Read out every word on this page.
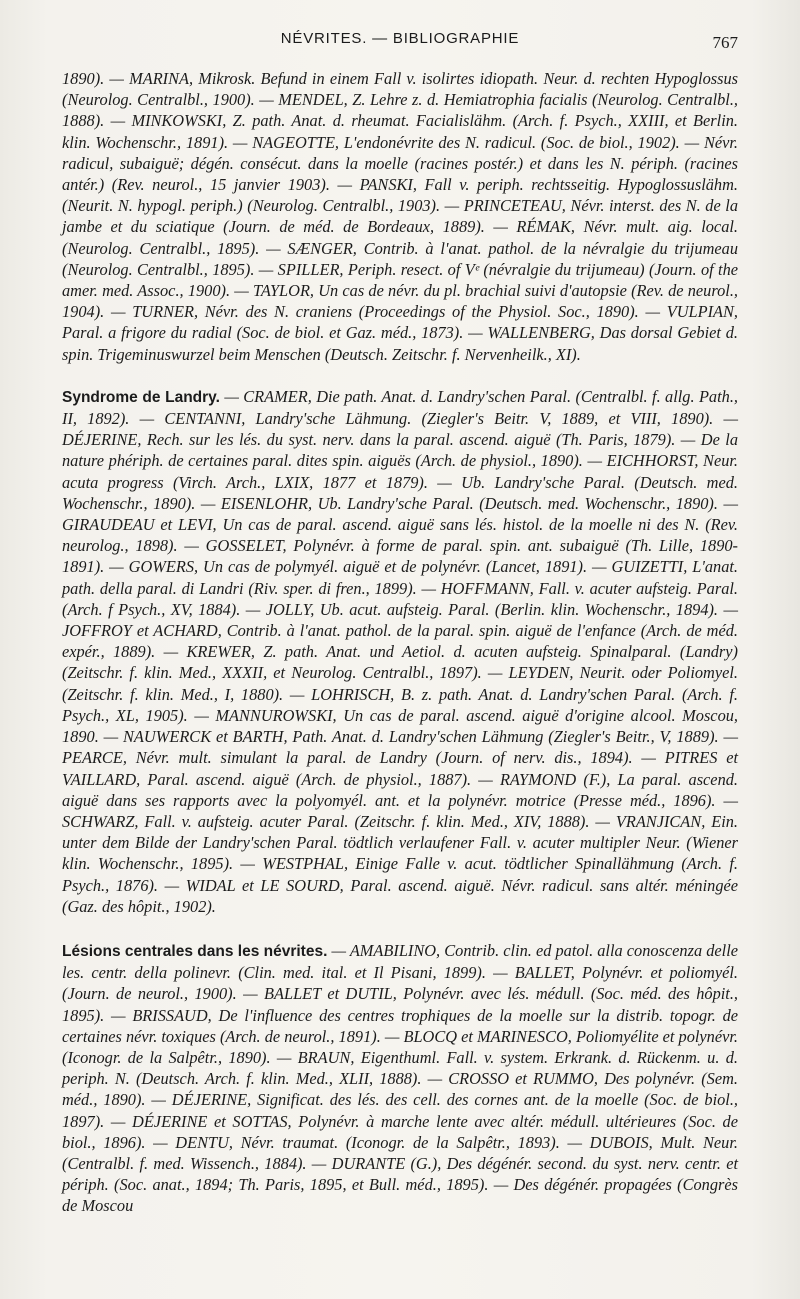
NÉVRITES. — BIBLIOGRAPHIE	767

1890). — MARINA, Mikrosk. Befund in einem Fall v. isolirtes idiopath. Neur. d. rechten Hypoglossus (Neurolog. Centralbl., 1900). — MENDEL, Z. Lehre z. d. Hemiatrophia facialis (Neurolog. Centralbl., 1888). — MINKOWSKI, Z. path. Anat. d. rheumat. Facialislähm. (Arch. f. Psych., XXIII, et Berlin. klin. Wochenschr., 1891). — NAGEOTTE, L'endonévrite des N. radicul. (Soc. de biol., 1902). — Névr. radicul, subaiguë; dégén. consécut. dans la moelle (racines postér.) et dans les N. périph. (racines antér.) (Rev. neurol., 15 janvier 1903). — PANSKI, Fall v. periph. rechtsseitig. Hypoglossuslähm. (Neurit. N. hypogl. periph.) (Neurolog. Centralbl., 1903). — PRINCETEAU, Névr. interst. des N. de la jambe et du sciatique (Journ. de méd. de Bordeaux, 1889). — RÉMAK, Névr. mult. aig. local. (Neurolog. Centralbl., 1895). — SÆNGER, Contrib. à l'anat. pathol. de la névralgie du trijumeau (Neurolog. Centralbl., 1895). — SPILLER, Periph. resect. of Vᵉ (névralgie du trijumeau) (Journ. of the amer. med. Assoc., 1900). — TAYLOR, Un cas de névr. du pl. brachial suivi d'autopsie (Rev. de neurol., 1904). — TURNER, Névr. des N. craniens (Proceedings of the Physiol. Soc., 1890). — VULPIAN, Paral. a frigore du radial (Soc. de biol. et Gaz. méd., 1873). — WALLENBERG, Das dorsal Gebiet d. spin. Trigeminuswurzel beim Menschen (Deutsch. Zeitschr. f. Nervenheilk., XI).

Syndrome de Landry. — CRAMER, Die path. Anat. d. Landry'schen Paral. (Centralbl. f. allg. Path., II, 1892). — CENTANNI, Landry'sche Lähmung. (Ziegler's Beitr. V, 1889, et VIII, 1890). — DÉJERINE, Rech. sur les lés. du syst. nerv. dans la paral. ascend. aiguë (Th. Paris, 1879). — De la nature phériph. de certaines paral. dites spin. aiguës (Arch. de physiol., 1890). — EICHHORST, Neur. acuta progress (Virch. Arch., LXIX, 1877 et 1879). — Ub. Landry'sche Paral. (Deutsch. med. Wochenschr., 1890). — EISENLOHR, Ub. Landry'sche Paral. (Deutsch. med. Wochenschr., 1890). — GIRAUDEAU et LEVI, Un cas de paral. ascend. aiguë sans lés. histol. de la moelle ni des N. (Rev. neurolog., 1898). — GOSSELET, Polynévr. à forme de paral. spin. ant. subaiguë (Th. Lille, 1890-1891). — GOWERS, Un cas de polymyél. aiguë et de polynévr. (Lancet, 1891). — GUIZETTI, L'anat. path. della paral. di Landri (Riv. sper. di fren., 1899). — HOFFMANN, Fall. v. acuter aufsteig. Paral. (Arch. f Psych., XV, 1884). — JOLLY, Ub. acut. aufsteig. Paral. (Berlin. klin. Wochenschr., 1894). — JOFFROY et ACHARD, Contrib. à l'anat. pathol. de la paral. spin. aiguë de l'enfance (Arch. de méd. expér., 1889). — KREWER, Z. path. Anat. und Aetiol. d. acuten aufsteig. Spinalparal. (Landry) (Zeitschr. f. klin. Med., XXXII, et Neurolog. Centralbl., 1897). — LEYDEN, Neurit. oder Poliomyel. (Zeitschr. f. klin. Med., I, 1880). — LOHRISCH, B. z. path. Anat. d. Landry'schen Paral. (Arch. f. Psych., XL, 1905). — MANNUROWSKI, Un cas de paral. ascend. aiguë d'origine alcool. Moscou, 1890. — NAUWERCK et BARTH, Path. Anat. d. Landry'schen Lähmung (Ziegler's Beitr., V, 1889). — PEARCE, Névr. mult. simulant la paral. de Landry (Journ. of nerv. dis., 1894). — PITRES et VAILLARD, Paral. ascend. aiguë (Arch. de physiol., 1887). — RAYMOND (F.), La paral. ascend. aiguë dans ses rapports avec la polyomyél. ant. et la polynévr. motrice (Presse méd., 1896). — SCHWARZ, Fall. v. aufsteig. acuter Paral. (Zeitschr. f. klin. Med., XIV, 1888). — VRANJICAN, Ein. unter dem Bilde der Landry'schen Paral. tödtlich verlaufener Fall. v. acuter multipler Neur. (Wiener klin. Wochenschr., 1895). — WESTPHAL, Einige Falle v. acut. tödtlicher Spinallähmung (Arch. f. Psych., 1876). — WIDAL et LE SOURD, Paral. ascend. aiguë. Névr. radicul. sans altér. méningée (Gaz. des hôpit., 1902).

Lésions centrales dans les névrites. — AMABILINO, Contrib. clin. ed patol. alla conoscenza delle les. centr. della polinevr. (Clin. med. ital. et Il Pisani, 1899). — BALLET, Polynévr. et poliomyél. (Journ. de neurol., 1900). — BALLET et DUTIL, Polynévr. avec lés. médull. (Soc. méd. des hôpit., 1895). — BRISSAUD, De l'influence des centres trophiques de la moelle sur la distrib. topogr. de certaines névr. toxiques (Arch. de neurol., 1891). — BLOCQ et MARINESCO, Poliomyélite et polynévr. (Iconogr. de la Salpêtr., 1890). — BRAUN, Eigenthuml. Fall. v. system. Erkrank. d. Rückenm. u. d. periph. N. (Deutsch. Arch. f. klin. Med., XLII, 1888). — CROSSO et RUMMO, Des polynévr. (Sem. méd., 1890). — DÉJERINE, Significat. des lés. des cell. des cornes ant. de la moelle (Soc. de biol., 1897). — DÉJERINE et SOTTAS, Polynévr. à marche lente avec altér. médull. ultérieures (Soc. de biol., 1896). — DENTU, Névr. traumat. (Iconogr. de la Salpêtr., 1893). — DUBOIS, Mult. Neur. (Centralbl. f. med. Wissench., 1884). — DURANTE (G.), Des dégénér. second. du syst. nerv. centr. et périph. (Soc. anat., 1894; Th. Paris, 1895, et Bull. méd., 1895). — Des dégénér. propagées (Congrès de Moscou
